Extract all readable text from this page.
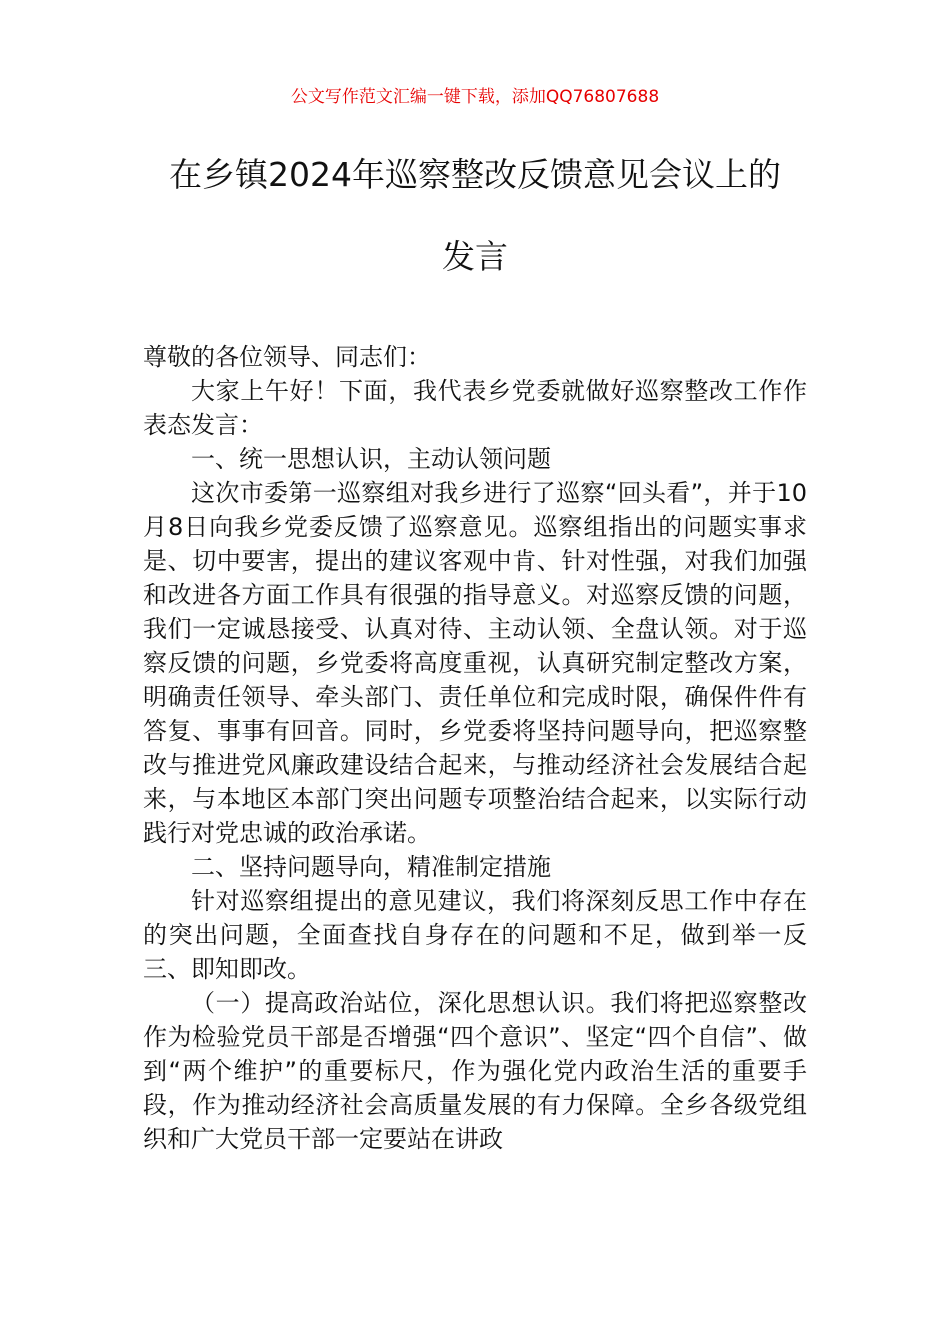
公文写作范文汇编一键下载，添加QQ76807688
在乡镇2024年巡察整改反馈意见会议上的
发言

尊敬的各位领导、同志们：

大家上午好！下面，我代表乡党委就做好巡察整改工作作表态发言：

一、统一思想认识，主动认领问题

这次市委第一巡察组对我乡进行了巡察“回头看”，并于10月8日向我乡党委反馈了巡察意见。巡察组指出的问题实事求是、切中要害，提出的建议客观中肯、针对性强，对我们加强和改进各方面工作具有很强的指导意义。对巡察反馈的问题，我们一定诚恳接受、认真对待、主动认领、全盘认领。对于巡察反馈的问题，乡党委将高度重视，认真研究制定整改方案，明确责任领导、牵头部门、责任单位和完成时限，确保件件有答复、事事有回音。同时，乡党委将坚持问题导向，把巡察整改与推进党风廉政建设结合起来，与推动经济社会发展结合起来，与本地区本部门突出问题专项整治结合起来，以实际行动践行对党忠诚的政治承诺。

二、坚持问题导向，精准制定措施

针对巡察组提出的意见建议，我们将深刻反思工作中存在的突出问题，全面查找自身存在的问题和不足，做到举一反三、即知即改。

（一）提高政治站位，深化思想认识。我们将把巡察整改作为检验党员干部是否增强“四个意识”、坚定“四个自信”、做到“两个维护”的重要标尺，作为强化党内政治生活的重要手段，作为推动经济社会高质量发展的有力保障。全乡各级党组织和广大党员干部一定要站在讲政
